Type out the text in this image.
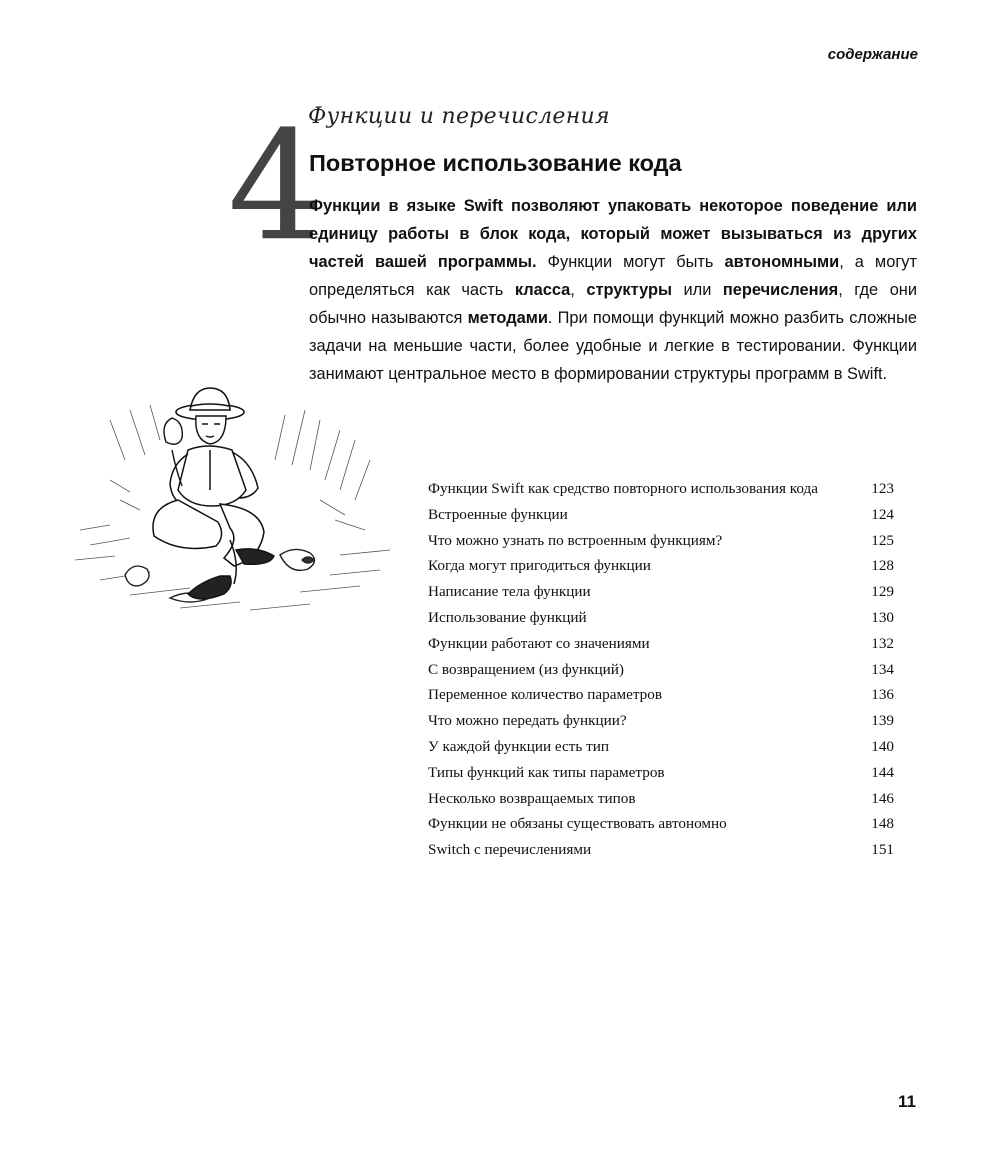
содержание
4
Функции и перечисления
Повторное использование кода

Функции в языке Swift позволяют упаковать некоторое поведение или единицу работы в блок кода, который может вызываться из других частей вашей программы. Функции могут быть автономными, а могут определяться как часть класса, структуры или перечисления, где они обычно называются методами. При помощи функций можно разбить сложные задачи на меньшие части, более удобные и легкие в тестировании. Функции занимают центральное место в формировании структуры программ в Swift.

Функции Swift как средство повторного использования кода	123
Встроенные функции	124
Что можно узнать по встроенным функциям?	125
Когда могут пригодиться функции	128
Написание тела функции	129
Использование функций	130
Функции работают со значениями	132
С возвращением (из функций)	134
Переменное количество параметров	136
Что можно передать функции?	139
У каждой функции есть тип	140
Типы функций как типы параметров	144
Несколько возвращаемых типов	146
Функции не обязаны существовать автономно	148
Switch с перечислениями	151
11
